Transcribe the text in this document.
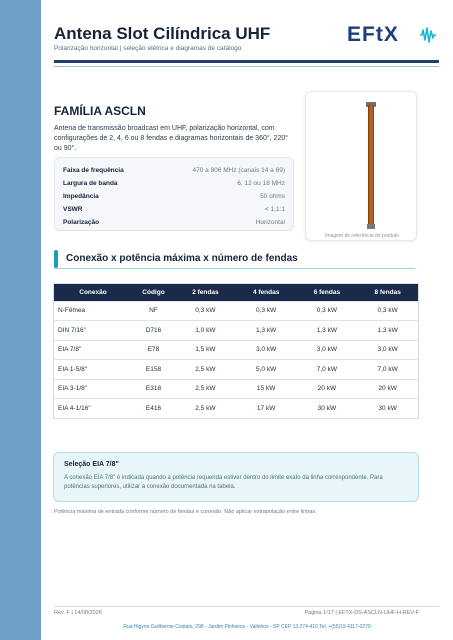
Antena Slot Cilíndrica UHF
Polarização horizontal | seleção elétrica e diagramas de catálogo
EFtX
FAMÍLIA ASCLN
Antena de transmissão broadcast em UHF, polarização horizontal, com configurações de 2, 4, 6 ou 8 fendas e diagramas horizontais de 360°, 220° ou 90°.
Faixa de frequência	470 a 806 MHz (canais 14 a 69)
Largura de banda	6, 12 ou 18 MHz
Impedância	50 ohms
VSWR	< 1,1:1
Polarização	Horizontal
Imagem de referência do produto
Conexão x potência máxima x número de fendas
Conexão	Código	2 fendas	4 fendas	6 fendas	8 fendas
N-Fêmea	NF	0,3 kW	0,3 kW	0,3 kW	0,3 kW
DIN 7/16"	D716	1,0 kW	1,3 kW	1,3 kW	1,3 kW
EIA 7/8"	E78	1,5 kW	3,0 kW	3,0 kW	3,0 kW
EIA 1-5/8"	E158	2,5 kW	5,0 kW	7,0 kW	7,0 kW
EIA 3-1/8"	E318	2,5 kW	15 kW	20 kW	20 kW
EIA 4-1/16"	E416	2,5 kW	17 kW	30 kW	30 kW
Seleção EIA 7/8"
A conexão EIA 7/8" é indicada quando a potência requerida estiver dentro do limite exato da linha correspondente. Para potências superiores, utilizar a conexão documentada na tabela.
Potência máxima de entrada conforme número de fendas e conexão. Não aplicar extrapolação entre linhas.
Rev. F | 14/08/2026	Página 1/17 | EFTX-DS-ASCLN-UHF-H-REV-F
Rua Higyno Guilherme Costato, 298 - Jardim Pinheiros - Valinhos - SP CEP 13.274-410 Tel: +(55)19 4117-0270
